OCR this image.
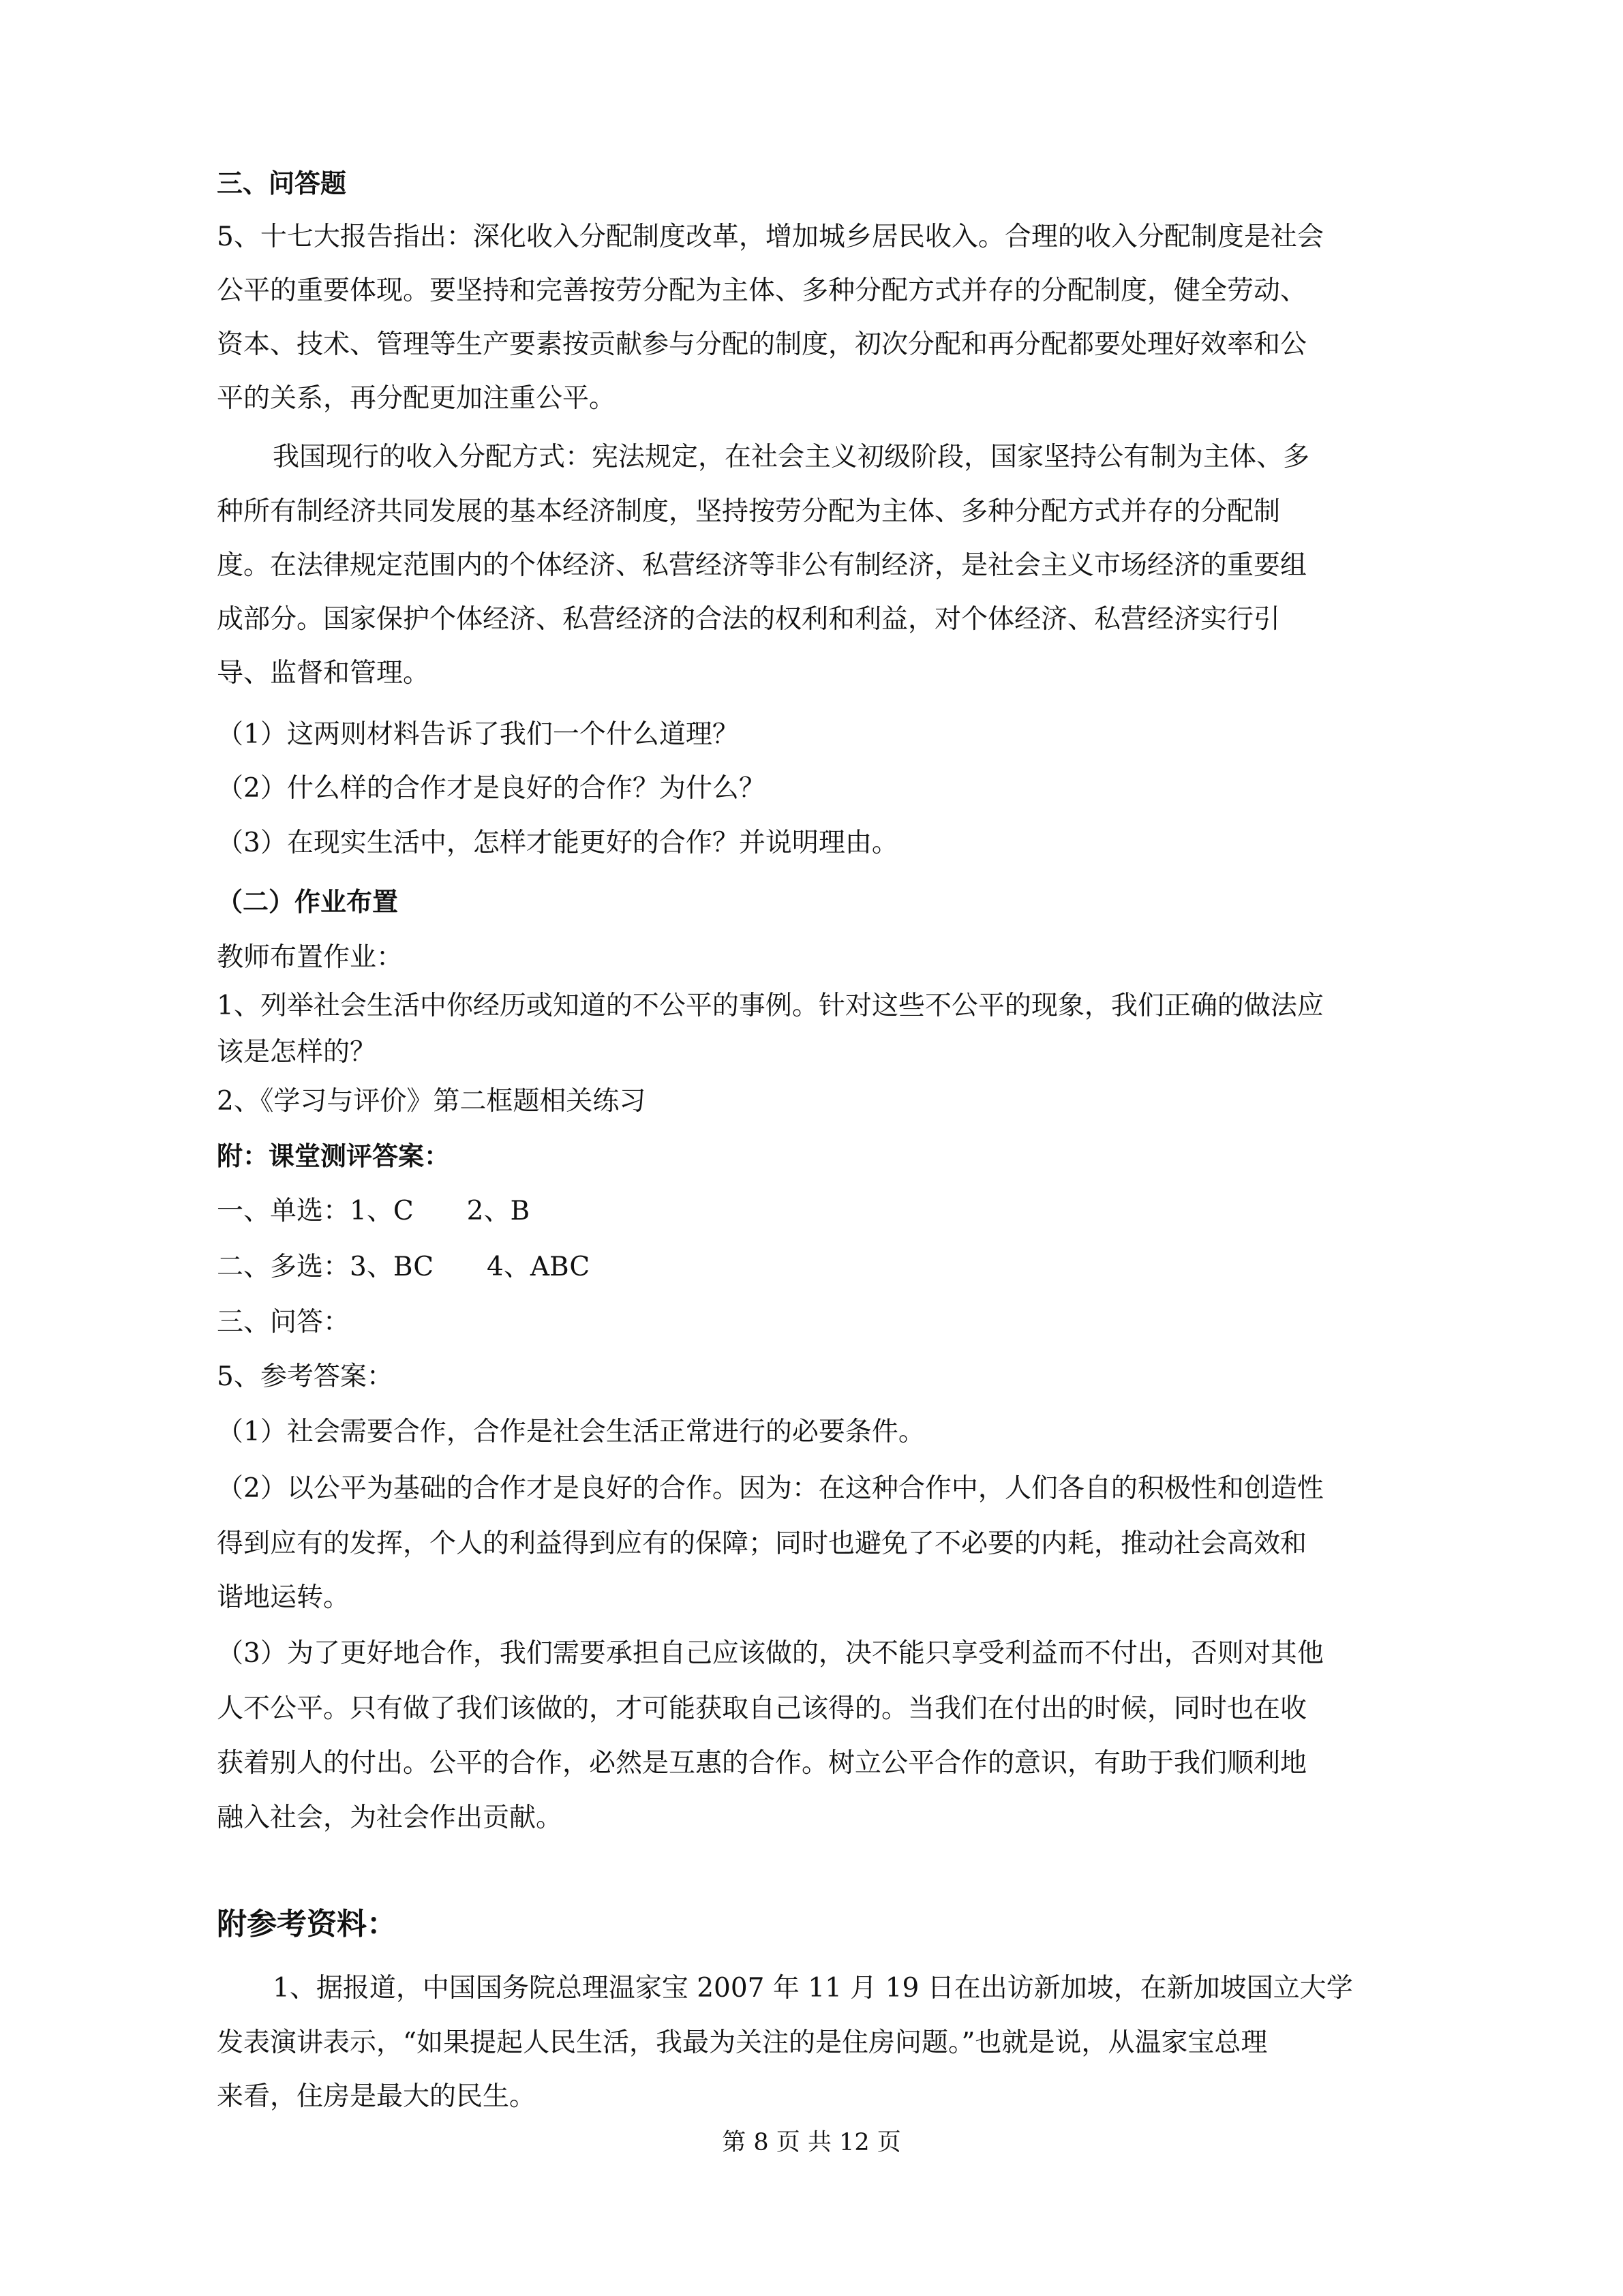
三、问答题
5、十七大报告指出：深化收入分配制度改革，增加城乡居民收入。合理的收入分配制度是社会
公平的重要体现。要坚持和完善按劳分配为主体、多种分配方式并存的分配制度，健全劳动、
资本、技术、管理等生产要素按贡献参与分配的制度，初次分配和再分配都要处理好效率和公
平的关系，再分配更加注重公平。
我国现行的收入分配方式：宪法规定，在社会主义初级阶段，国家坚持公有制为主体、多
种所有制经济共同发展的基本经济制度，坚持按劳分配为主体、多种分配方式并存的分配制
度。在法律规定范围内的个体经济、私营经济等非公有制经济，是社会主义市场经济的重要组
成部分。国家保护个体经济、私营经济的合法的权利和利益，对个体经济、私营经济实行引
导、监督和管理。
（1）这两则材料告诉了我们一个什么道理？
（2）什么样的合作才是良好的合作？为什么？
（3）在现实生活中，怎样才能更好的合作？并说明理由。
（二）作业布置
教师布置作业：
1、列举社会生活中你经历或知道的不公平的事例。针对这些不公平的现象，我们正确的做法应
该是怎样的？
2、《学习与评价》第二框题相关练习
附：课堂测评答案：
一、单选：1、C　　2、B
二、多选：3、BC　　4、ABC
三、问答：
5、参考答案：
（1）社会需要合作，合作是社会生活正常进行的必要条件。
（2）以公平为基础的合作才是良好的合作。因为：在这种合作中，人们各自的积极性和创造性
得到应有的发挥，个人的利益得到应有的保障；同时也避免了不必要的内耗，推动社会高效和
谐地运转。
（3）为了更好地合作，我们需要承担自己应该做的，决不能只享受利益而不付出，否则对其他
人不公平。只有做了我们该做的，才可能获取自己该得的。当我们在付出的时候，同时也在收
获着别人的付出。公平的合作，必然是互惠的合作。树立公平合作的意识，有助于我们顺利地
融入社会，为社会作出贡献。
附参考资料：
1、据报道，中国国务院总理温家宝 2007 年 11 月 19 日在出访新加坡，在新加坡国立大学
发表演讲表示，“如果提起人民生活，我最为关注的是住房问题。”也就是说，从温家宝总理
来看，住房是最大的民生。
第 8 页 共 12 页
